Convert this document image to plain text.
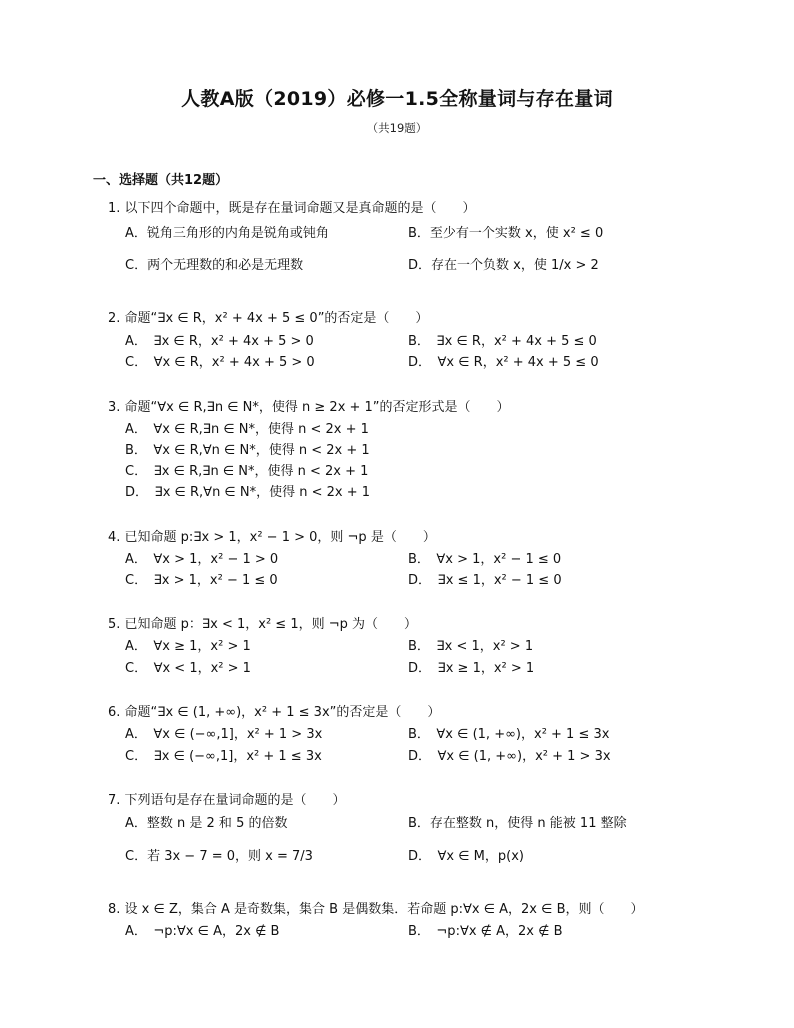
人教A版（2019）必修一1.5全称量词与存在量词
（共19题）
一、选择题（共12题）
1. 以下四个命题中，既是存在量词命题又是真命题的是（　　）
A．锐角三角形的内角是锐角或钝角	B．至少有一个实数 x，使 x² ≤ 0
C．两个无理数的和必是无理数	D．存在一个负数 x，使 1/x > 2
2. 命题“∃x ∈ R，x² + 4x + 5 ≤ 0”的否定是（　　）
A．　∃x ∈ R，x² + 4x + 5 > 0	B．　∃x ∈ R，x² + 4x + 5 ≤ 0
C．　∀x ∈ R，x² + 4x + 5 > 0	D．　∀x ∈ R，x² + 4x + 5 ≤ 0
3. 命题“∀x ∈ R,∃n ∈ N*，使得 n ≥ 2x + 1”的否定形式是（　　）
A．　∀x ∈ R,∃n ∈ N*，使得 n < 2x + 1
B．　∀x ∈ R,∀n ∈ N*，使得 n < 2x + 1
C．　∃x ∈ R,∃n ∈ N*，使得 n < 2x + 1
D．　∃x ∈ R,∀n ∈ N*，使得 n < 2x + 1
4. 已知命题 p:∃x > 1，x² − 1 > 0，则 ¬p 是（　　）
A．　∀x > 1，x² − 1 > 0	B．　∀x > 1，x² − 1 ≤ 0
C．　∃x > 1，x² − 1 ≤ 0	D．　∃x ≤ 1，x² − 1 ≤ 0
5. 已知命题 p：∃x < 1，x² ≤ 1，则 ¬p 为（　　）
A．　∀x ≥ 1，x² > 1	B．　∃x < 1，x² > 1
C．　∀x < 1，x² > 1	D．　∃x ≥ 1，x² > 1
6. 命题“∃x ∈ (1, +∞)，x² + 1 ≤ 3x”的否定是（　　）
A．　∀x ∈ (−∞,1]，x² + 1 > 3x	B．　∀x ∈ (1, +∞)，x² + 1 ≤ 3x
C．　∃x ∈ (−∞,1]，x² + 1 ≤ 3x	D．　∀x ∈ (1, +∞)，x² + 1 > 3x
7. 下列语句是存在量词命题的是（　　）
A．整数 n 是 2 和 5 的倍数	B．存在整数 n，使得 n 能被 11 整除
C．若 3x − 7 = 0，则 x = 7/3	D．　∀x ∈ M，p(x)
8. 设 x ∈ Z，集合 A 是奇数集，集合 B 是偶数集．若命题 p:∀x ∈ A，2x ∈ B，则（　　）
A．　¬p:∀x ∈ A，2x ∉ B	B．　¬p:∀x ∉ A，2x ∉ B
